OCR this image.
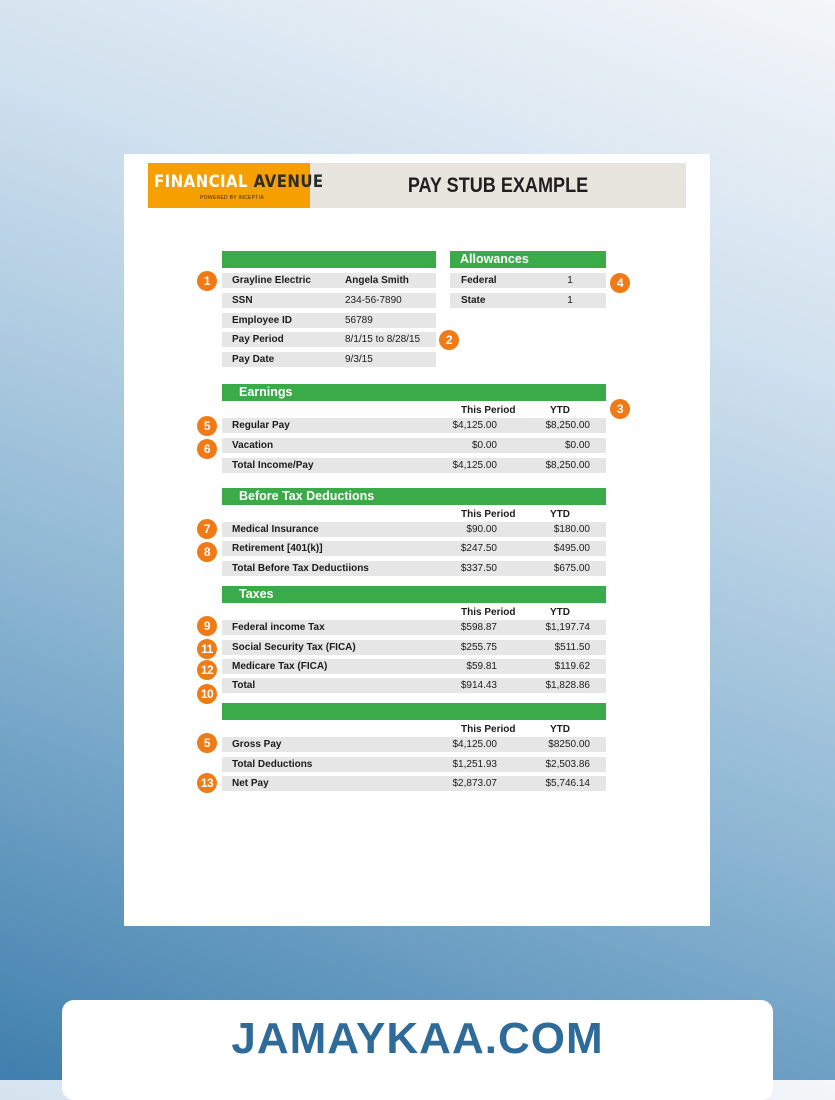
FINANCIAL AVENUE
POWERED BY INCEPTIA
PAY STUB EXAMPLE
Grayline Electric	Angela Smith
SSN	234-56-7890
Employee ID	56789
Pay Period	8/1/15 to 8/28/15
Pay Date	9/3/15
Allowances
Federal	1
State	1
Earnings
This Period	YTD
Regular Pay	$4,125.00	$8,250.00
Vacation	$0.00	$0.00
Total Income/Pay	$4,125.00	$8,250.00
Before Tax Deductions
This Period	YTD
Medical Insurance	$90.00	$180.00
Retirement [401(k)]	$247.50	$495.00
Total Before Tax Deductiions	$337.50	$675.00
Taxes
This Period	YTD
Federal income Tax	$598.87	$1,197.74
Social Security Tax (FICA)	$255.75	$511.50
Medicare Tax (FICA)	$59.81	$119.62
Total	$914.43	$1,828.86
This Period	YTD
Gross Pay	$4,125.00	$8250.00
Total Deductions	$1,251.93	$2,503.86
Net Pay	$2,873.07	$5,746.14
1
2
3
4
5
6
7
8
9
11
12
10
5
13
JAMAYKAA.COM
